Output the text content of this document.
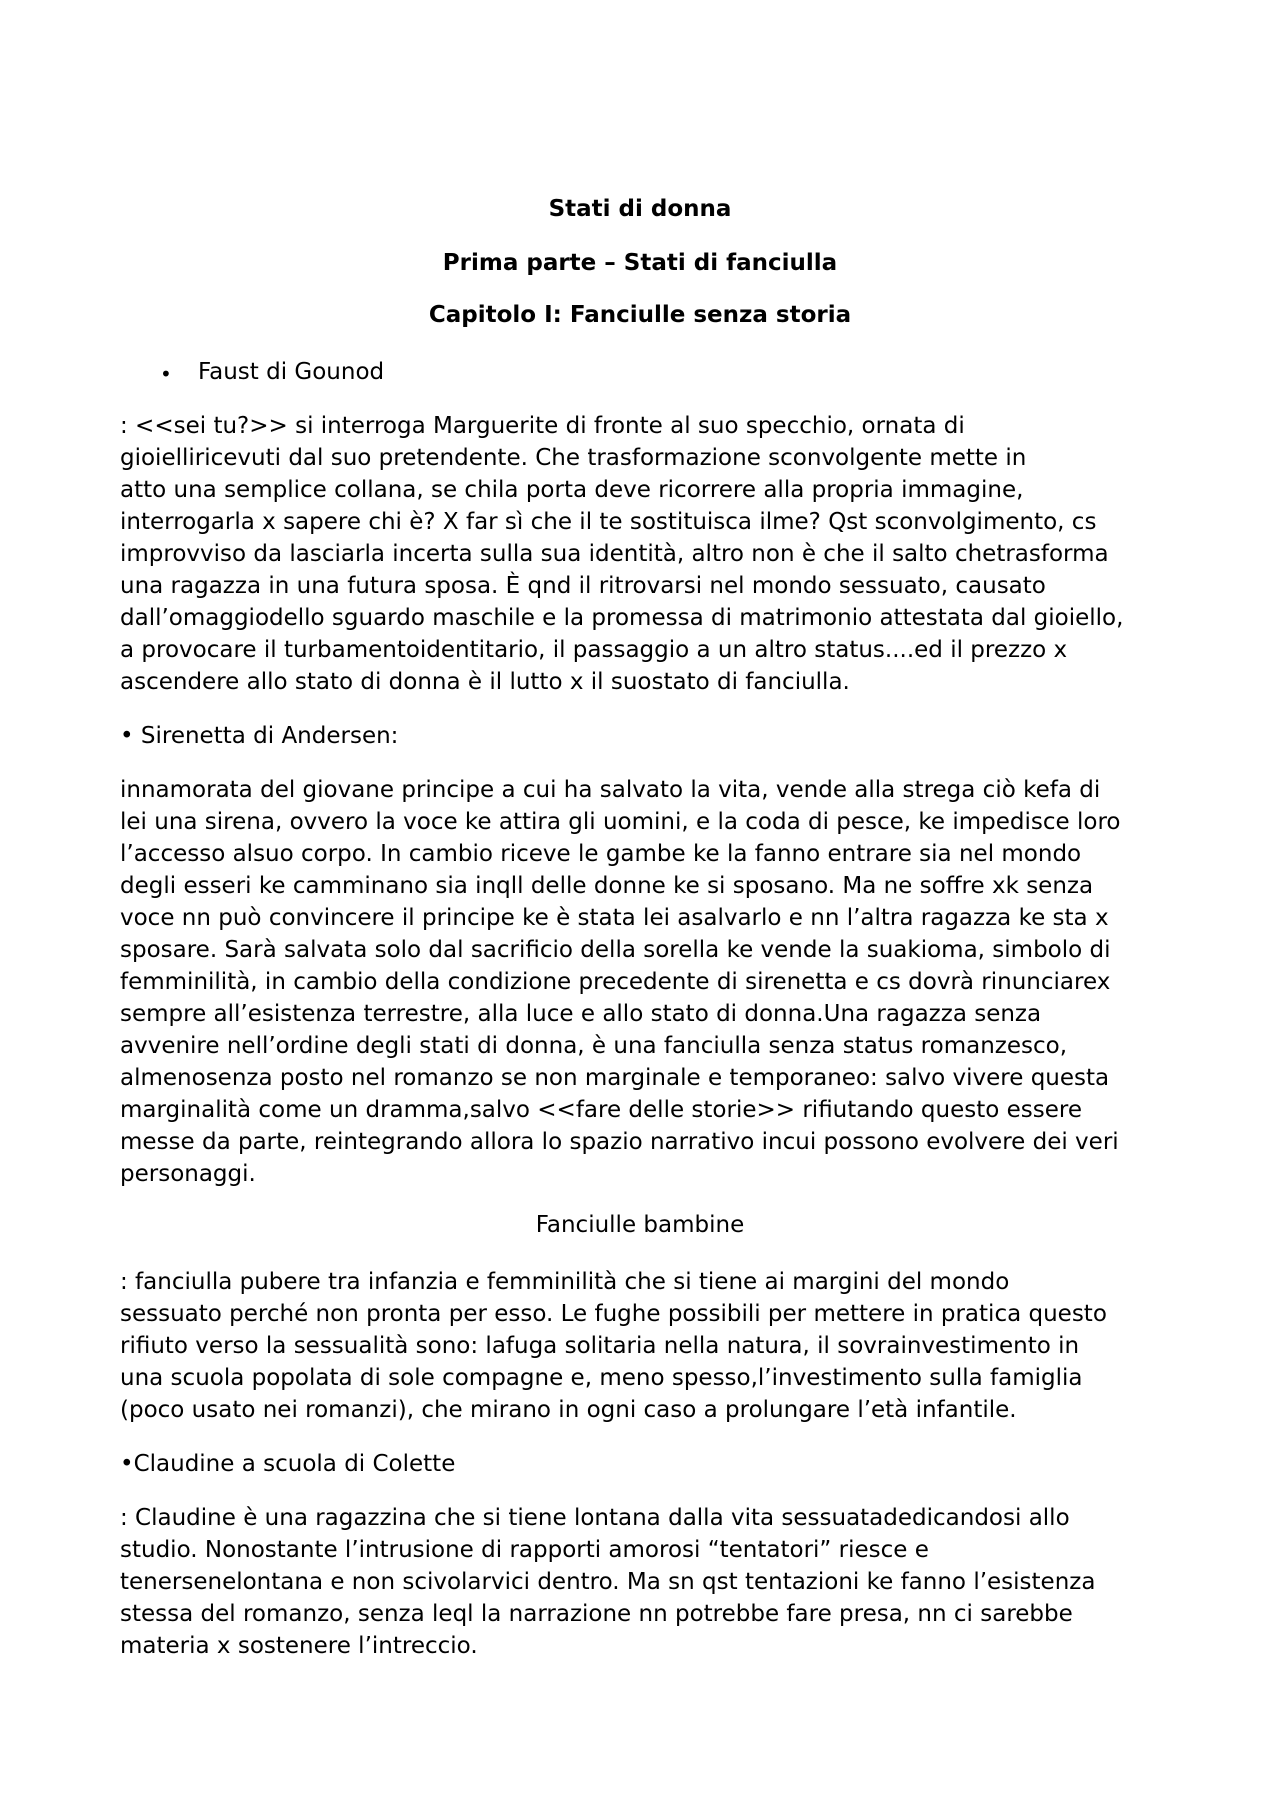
Stati di donna
Prima parte – Stati di fanciulla
Capitolo I: Fanciulle senza storia
• Faust di Gounod
: <<sei tu?>> si interroga Marguerite di fronte al suo specchio, ornata di
gioielliricevuti dal suo pretendente. Che trasformazione sconvolgente mette in
atto una semplice collana, se chila porta deve ricorrere alla propria immagine,
interrogarla x sapere chi è? X far sì che il te sostituisca ilme? Qst sconvolgimento, cs
improvviso da lasciarla incerta sulla sua identità, altro non è che il salto chetrasforma
una ragazza in una futura sposa. È qnd il ritrovarsi nel mondo sessuato, causato
dall’omaggiodello sguardo maschile e la promessa di matrimonio attestata dal gioiello,
a provocare il turbamentoidentitario, il passaggio a un altro status....ed il prezzo x
ascendere allo stato di donna è il lutto x il suostato di fanciulla.
• Sirenetta di Andersen:
innamorata del giovane principe a cui ha salvato la vita, vende alla strega ciò kefa di
lei una sirena, ovvero la voce ke attira gli uomini, e la coda di pesce, ke impedisce loro
l’accesso alsuo corpo. In cambio riceve le gambe ke la fanno entrare sia nel mondo
degli esseri ke camminano sia inqll delle donne ke si sposano. Ma ne soffre xk senza
voce nn può convincere il principe ke è stata lei asalvarlo e nn l’altra ragazza ke sta x
sposare. Sarà salvata solo dal sacrificio della sorella ke vende la suakioma, simbolo di
femminilità, in cambio della condizione precedente di sirenetta e cs dovrà rinunciarex
sempre all’esistenza terrestre, alla luce e allo stato di donna.Una ragazza senza
avvenire nell’ordine degli stati di donna, è una fanciulla senza status romanzesco,
almenosenza posto nel romanzo se non marginale e temporaneo: salvo vivere questa
marginalità come un dramma,salvo <<fare delle storie>> rifiutando questo essere
messe da parte, reintegrando allora lo spazio narrativo incui possono evolvere dei veri
personaggi.
Fanciulle bambine
: fanciulla pubere tra infanzia e femminilità che si tiene ai margini del mondo
sessuato perché non pronta per esso. Le fughe possibili per mettere in pratica questo
rifiuto verso la sessualità sono: lafuga solitaria nella natura, il sovrainvestimento in
una scuola popolata di sole compagne e, meno spesso,l’investimento sulla famiglia
(poco usato nei romanzi), che mirano in ogni caso a prolungare l’età infantile.
•Claudine a scuola di Colette
: Claudine è una ragazzina che si tiene lontana dalla vita sessuatadedicandosi allo
studio. Nonostante l’intrusione di rapporti amorosi “tentatori” riesce e
tenersenelontana e non scivolarvici dentro. Ma sn qst tentazioni ke fanno l’esistenza
stessa del romanzo, senza leql la narrazione nn potrebbe fare presa, nn ci sarebbe
materia x sostenere l’intreccio.
